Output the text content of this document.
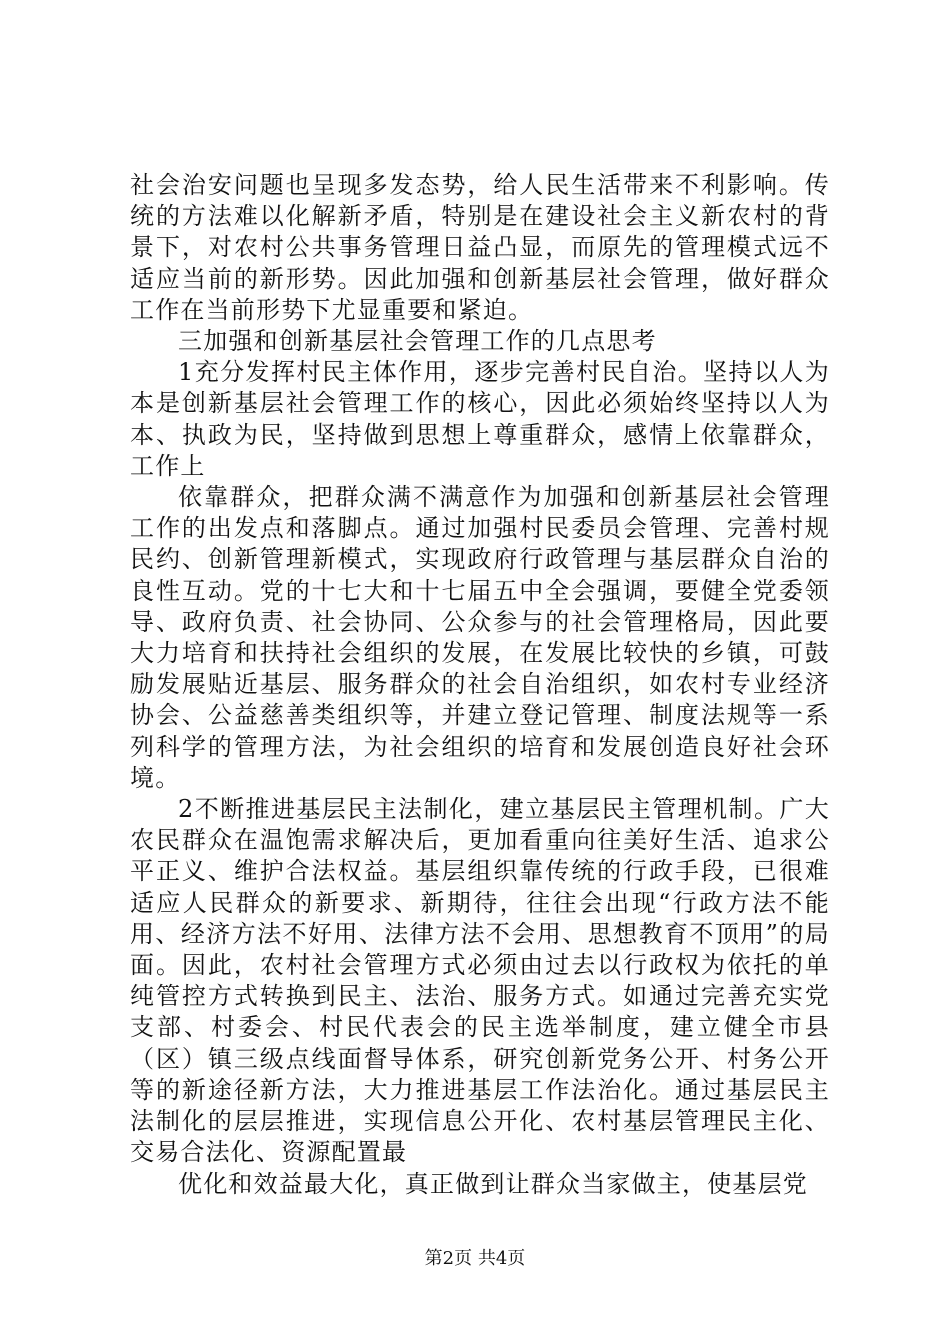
社会治安问题也呈现多发态势，给人民生活带来不利影响。传统的方法难以化解新矛盾，特别是在建设社会主义新农村的背景下，对农村公共事务管理日益凸显，而原先的管理模式远不适应当前的新形势。因此加强和创新基层社会管理，做好群众工作在当前形势下尤显重要和紧迫。

三加强和创新基层社会管理工作的几点思考

1充分发挥村民主体作用，逐步完善村民自治。坚持以人为本是创新基层社会管理工作的核心，因此必须始终坚持以人为本、执政为民，坚持做到思想上尊重群众，感情上依靠群众，工作上

依靠群众，把群众满不满意作为加强和创新基层社会管理工作的出发点和落脚点。通过加强村民委员会管理、完善村规民约、创新管理新模式，实现政府行政管理与基层群众自治的良性互动。党的十七大和十七届五中全会强调，要健全党委领导、政府负责、社会协同、公众参与的社会管理格局，因此要大力培育和扶持社会组织的发展，在发展比较快的乡镇，可鼓励发展贴近基层、服务群众的社会自治组织，如农村专业经济协会、公益慈善类组织等，并建立登记管理、制度法规等一系列科学的管理方法，为社会组织的培育和发展创造良好社会环境。

2不断推进基层民主法制化，建立基层民主管理机制。广大农民群众在温饱需求解决后，更加看重向往美好生活、追求公平正义、维护合法权益。基层组织靠传统的行政手段，已很难适应人民群众的新要求、新期待，往往会出现“行政方法不能用、经济方法不好用、法律方法不会用、思想教育不顶用”的局面。因此，农村社会管理方式必须由过去以行政权为依托的单纯管控方式转换到民主、法治、服务方式。如通过完善充实党支部、村委会、村民代表会的民主选举制度，建立健全市县（区）镇三级点线面督导体系，研究创新党务公开、村务公开等的新途径新方法，大力推进基层工作法治化。通过基层民主法制化的层层推进，实现信息公开化、农村基层管理民主化、交易合法化、资源配置最

优化和效益最大化，真正做到让群众当家做主，使基层党

第2页 共4页
